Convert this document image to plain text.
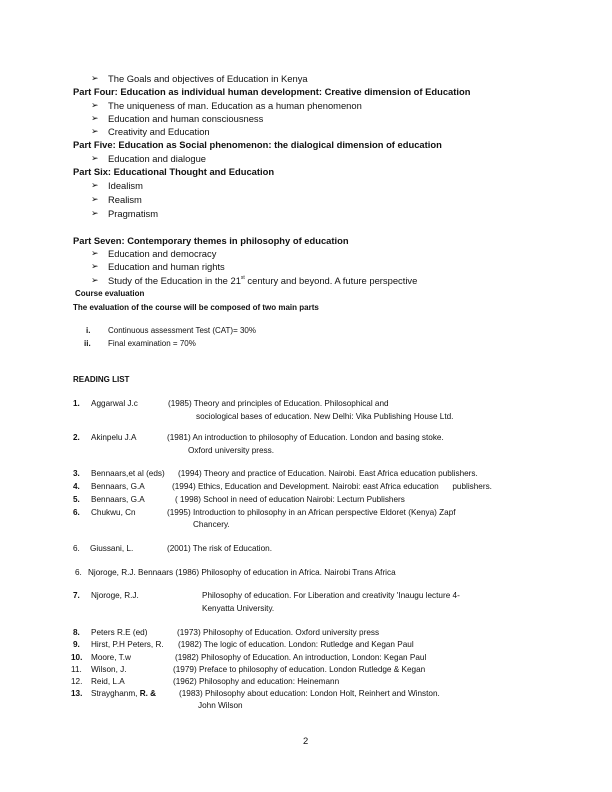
➢ The Goals and objectives of Education in Kenya
Part Four: Education as individual human development: Creative dimension of Education
➢ The uniqueness of man. Education as a human phenomenon
➢ Education and human consciousness
➢ Creativity and Education
Part Five: Education as Social phenomenon: the dialogical dimension of education
➢ Education and dialogue
Part Six: Educational Thought and Education
➢ Idealism
➢ Realism
➢ Pragmatism
Part Seven: Contemporary themes in philosophy of education
➢ Education and democracy
➢ Education and human rights
➢ Study of the Education in the 21st century and beyond. A future perspective
Course evaluation
The evaluation of the course will be composed of two main parts
i. Continuous assessment Test (CAT)= 30%
ii. Final examination = 70%
READING LIST
1. Aggarwal J.c	(1985) Theory and principles of Education. Philosophical and
sociological bases of education. New Delhi: Vika Publishing House Ltd.
2. Akinpelu J.A	(1981) An introduction to philosophy of Education. London and basing stoke.
Oxford university press.
3. Bennaars,et al (eds) (1994) Theory and practice of Education. Nairobi. East Africa education publishers.
4. Bennaars, G.A	(1994) Ethics, Education and Development. Nairobi: east Africa education      publishers.
5. Bennaars, G.A	( 1998) School in need of education Nairobi: Lecturn Publishers
6. Chukwu, Cn	(1995) Introduction to philosophy in an African perspective Eldoret (Kenya) Zapf
Chancery.
6. Giussani, L.	(2001) The risk of Education.
6. Njoroge, R.J. Bennaars (1986) Philosophy of education in Africa. Nairobi Trans Africa
7. Njoroge, R.J.	Philosophy of education. For Liberation and creativity 'Inaugu lecture 4-
Kenyatta University.
8. Peters R.E (ed)	(1973) Philosophy of Education. Oxford university press
9. Hirst, P.H Peters, R. (1982) The logic of education. London: Rutledge and Kegan Paul
10. Moore, T.w	(1982) Philosophy of Education. An introduction, London: Kegan Paul
11. Wilson, J.	(1979) Preface to philosophy of education. London Rutledge & Kegan
12. Reid, L.A	(1962) Philosophy and education: Heinemann
13. Strayghanm, R. &	(1983) Philosophy about education: London Holt, Reinhert and Winston.
John Wilson
2
